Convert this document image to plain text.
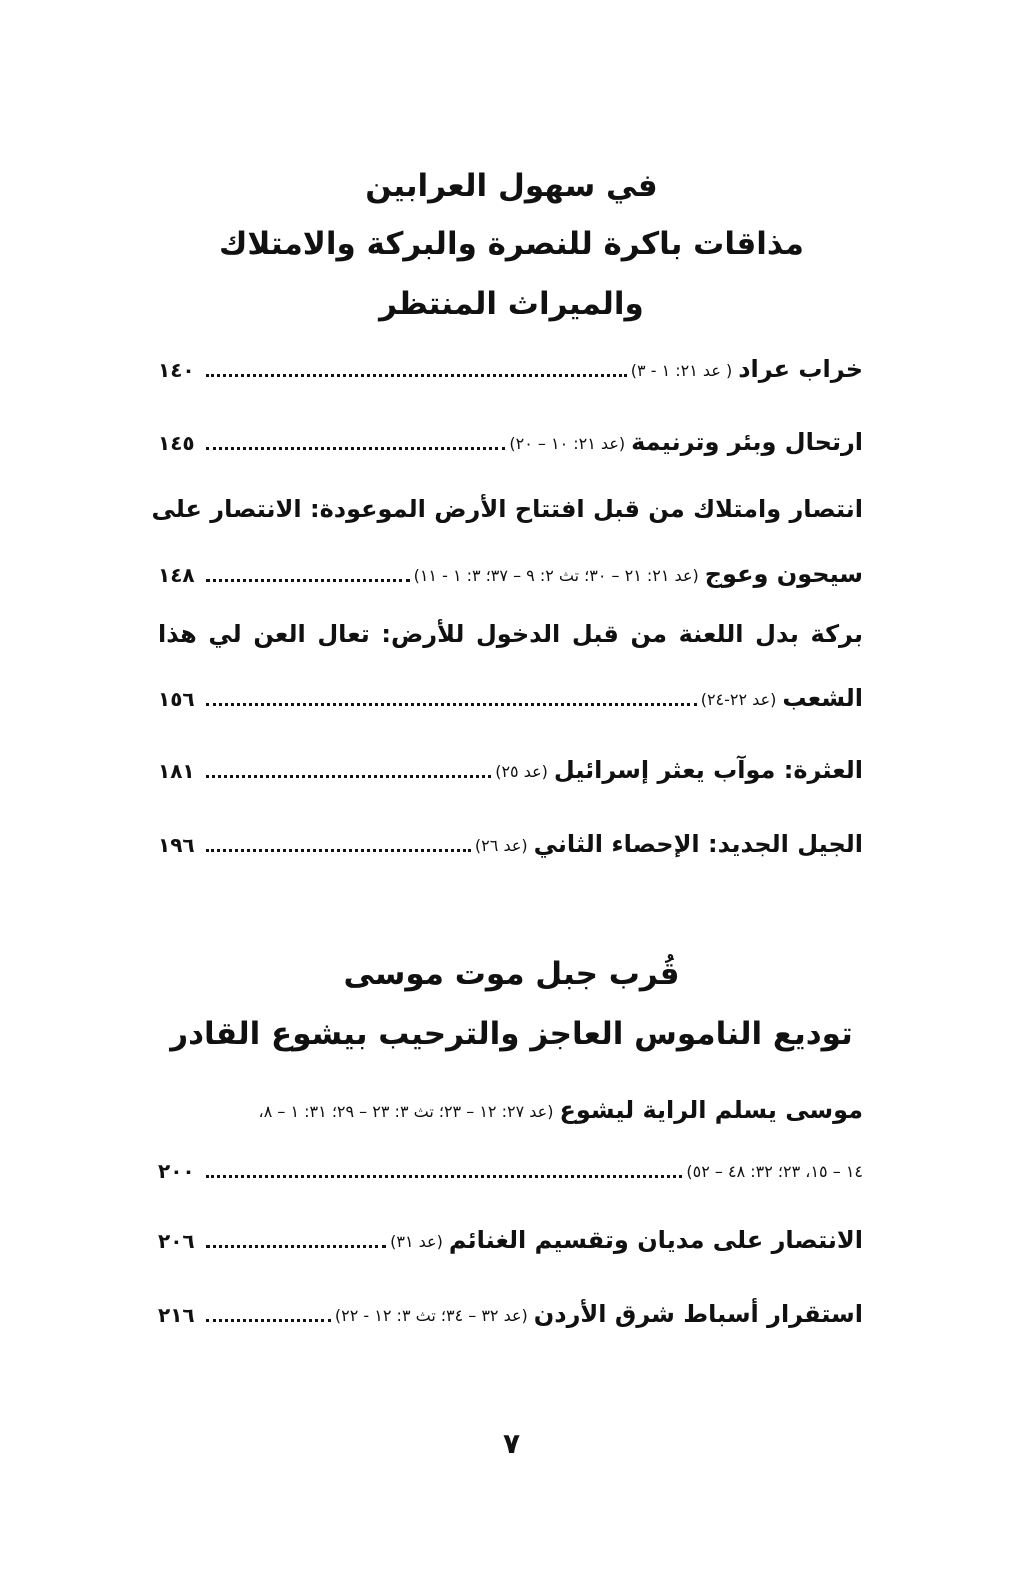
في سهول العرابين
مذاقات باكرة للنصرة والبركة والامتلاك
والميراث المنتظر
خراب عراد
( عد ٢١: ١ - ٣)
١٤٠
ارتحال وبئر وترنيمة
(عد ٢١: ١٠ – ٢٠)
١٤٥
انتصار وامتلاك من قبل افتتاح الأرض الموعودة: الانتصار على
سيحون وعوج
(عد ٢١: ٢١ – ٣٠؛ تث ٢: ٩ – ٣٧؛ ٣: ١ - ١١)
١٤٨
بركة بدل اللعنة من قبل الدخول للأرض: تعال العن لي هذا
الشعب
(عد ٢٢-٢٤)
١٥٦
العثرة: موآب يعثر إسرائيل
(عد ٢٥)
١٨١
الجيل الجديد: الإحصاء الثاني
(عد ٢٦)
١٩٦
قُرب جبل موت موسى
توديع الناموس العاجز والترحيب بيشوع القادر
موسى يسلم الراية ليشوع
(عد ٢٧: ١٢ – ٢٣؛ تث ٣: ٢٣ – ٢٩؛ ٣١: ١ – ٨،
١٤ – ١٥، ٢٣؛ ٣٢: ٤٨ – ٥٢)
٢٠٠
الانتصار على مديان وتقسيم الغنائم
(عد ٣١)
٢٠٦
استقرار أسباط شرق الأردن
(عد ٣٢ – ٣٤؛ تث ٣: ١٢ - ٢٢)
٢١٦
٧
